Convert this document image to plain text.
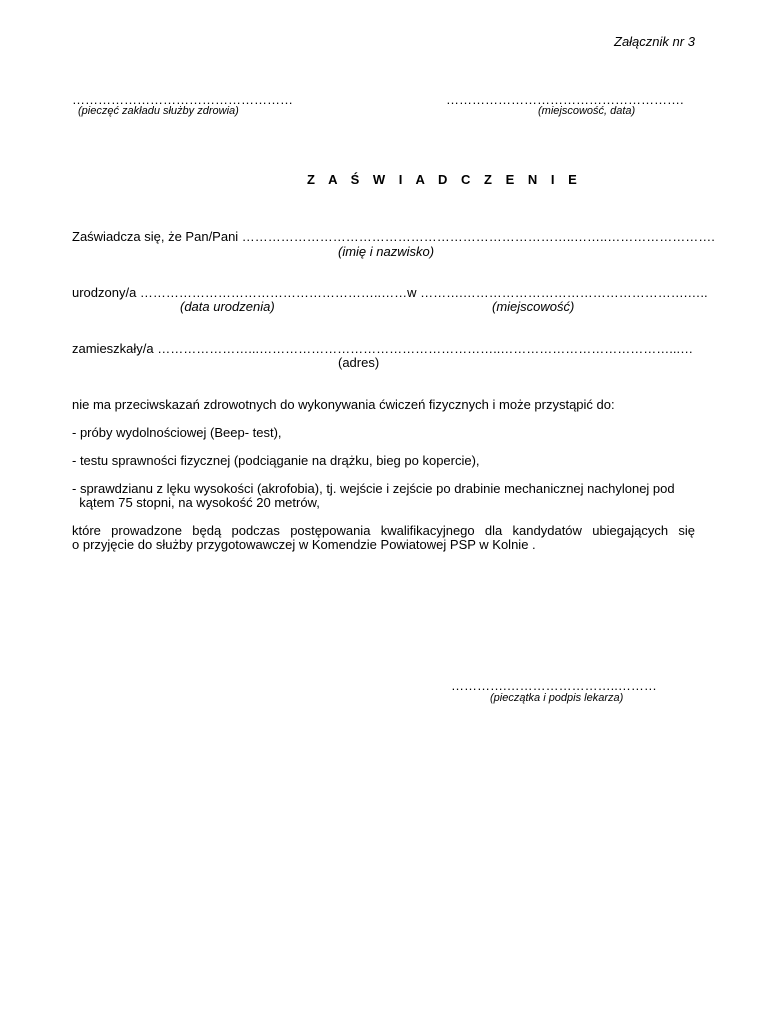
Załącznik nr 3
……………………………………………
(pieczęć zakładu służby zdrowia)
……………………………………………….
(miejscowość, data)
Z A Ś W I A D C Z E N I E
Zaświadcza się, że Pan/Pani …………………………………………………………………..……..…………………….
(imię i nazwisko)
urodzony/a ………………………………………………..……w ……….…………………………………………….…..
(data urodzenia)	(miejscowość)
zamieszkały/a …………………...………………………………………………..…………………………………...…
(adres)
nie ma przeciwskazań zdrowotnych do wykonywania ćwiczeń fizycznych i może przystąpić do:
- próby wydolnościowej (Beep- test),
- testu sprawności fizycznej (podciąganie na drążku, bieg po kopercie),
- sprawdzianu z lęku wysokości (akrofobia), tj. wejście i zejście po drabinie mechanicznej nachylonej pod
kątem 75 stopni, na wysokość 20 metrów,
które prowadzone będą podczas postępowania kwalifikacyjnego dla kandydatów ubiegających się
o przyjęcie do służby przygotowawczej w Komendzie Powiatowej PSP w Kolnie .
………….……………………..………
(pieczątka i podpis lekarza)
